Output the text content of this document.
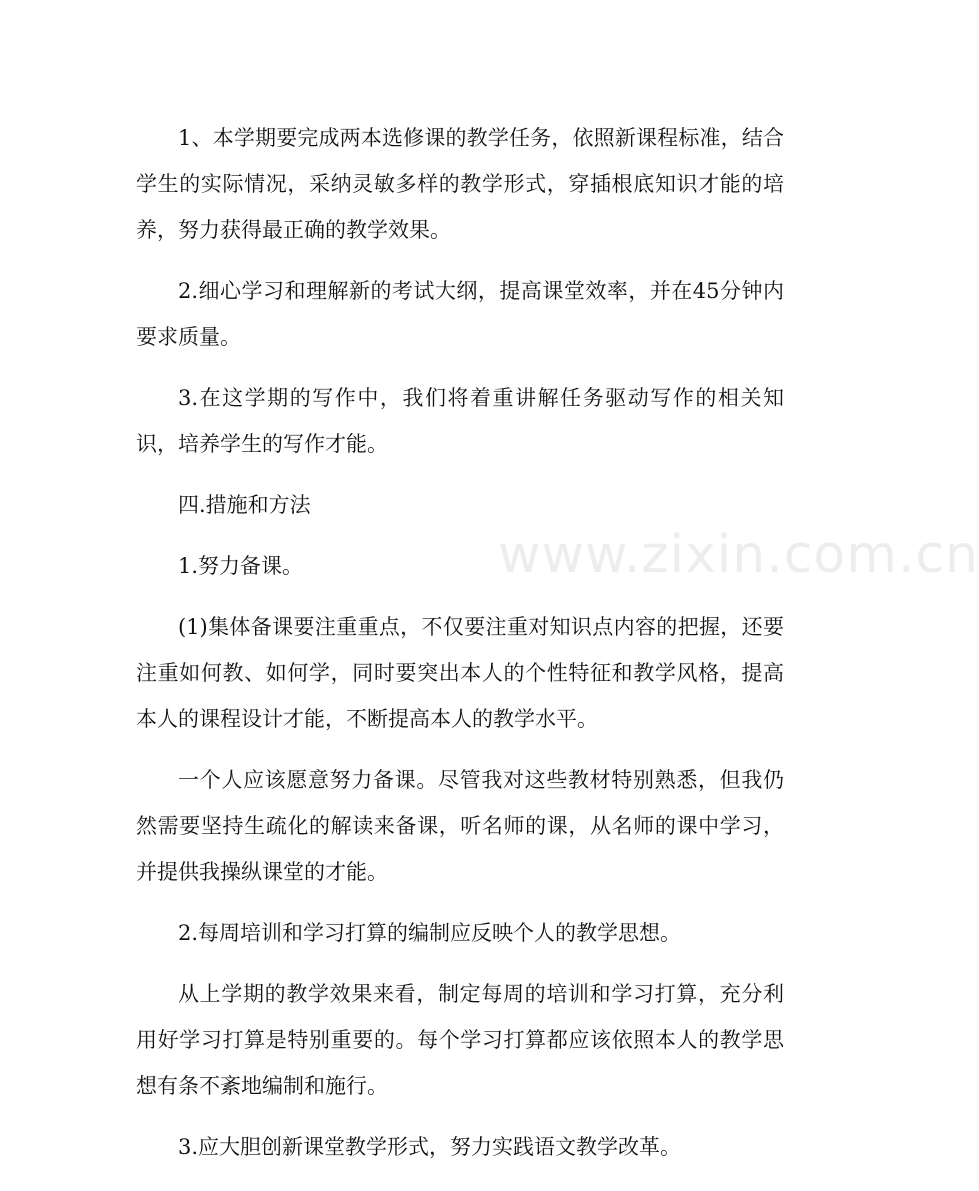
1、本学期要完成两本选修课的教学任务，依照新课程标准，结合学生的实际情况，采纳灵敏多样的教学形式，穿插根底知识才能的培养，努力获得最正确的教学效果。

2.细心学习和理解新的考试大纲，提高课堂效率，并在45分钟内要求质量。

3.在这学期的写作中，我们将着重讲解任务驱动写作的相关知识，培养学生的写作才能。

四.措施和方法

1.努力备课。

(1)集体备课要注重重点，不仅要注重对知识点内容的把握，还要注重如何教、如何学，同时要突出本人的个性特征和教学风格，提高本人的课程设计才能，不断提高本人的教学水平。

一个人应该愿意努力备课。尽管我对这些教材特别熟悉，但我仍然需要坚持生疏化的解读来备课，听名师的课，从名师的课中学习，并提供我操纵课堂的才能。

2.每周培训和学习打算的编制应反映个人的教学思想。

从上学期的教学效果来看，制定每周的培训和学习打算，充分利用好学习打算是特别重要的。每个学习打算都应该依照本人的教学思想有条不紊地编制和施行。

3.应大胆创新课堂教学形式，努力实践语文教学改革。

www.zixin.com.cn
